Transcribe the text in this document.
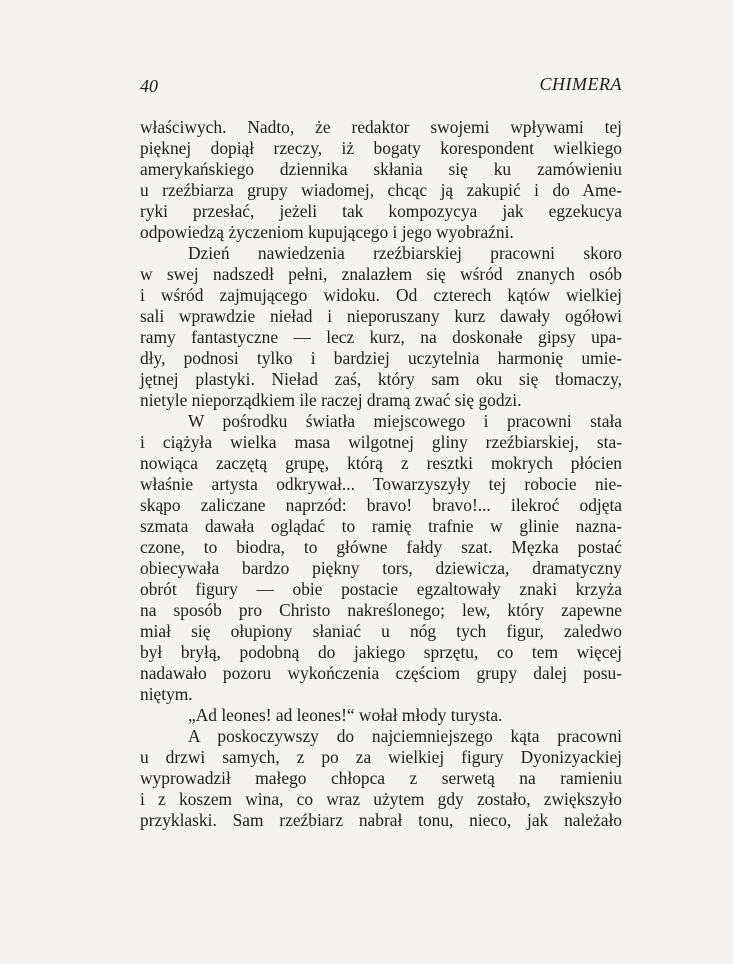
40	CHIMERA
właściwych. Nadto, że redaktor swojemi wpływami tej
pięknej dopiął rzeczy, iż bogaty korespondent wielkiego
amerykańskiego dziennika skłania się ku zamówieniu
u rzeźbiarza grupy wiadomej, chcąc ją zakupić i do Ame-
ryki przesłać, jeżeli tak kompozycya jak egzekucya
odpowiedzą życzeniom kupującego i jego wyobraźni.
Dzień nawiedzenia rzeźbiarskiej pracowni skoro
w swej nadszedł pełni, znalazłem się wśród znanych osób
i wśród zajmującego widoku. Od czterech kątów wielkiej
sali wprawdzie nieład i nieporuszany kurz dawały ogółowi
ramy fantastyczne — lecz kurz, na doskonałe gipsy upa-
dły, podnosi tylko i bardziej uczytelnia harmonię umie-
jętnej plastyki. Nieład zaś, który sam oku się tłomaczy,
nietyle nieporządkiem ile raczej dramą zwać się godzi.
W pośrodku światła miejscowego i pracowni stała
i ciążyła wielka masa wilgotnej gliny rzeźbiarskiej, sta-
nowiąca zaczętą grupę, którą z resztki mokrych płócien
właśnie artysta odkrywał... Towarzyszyły tej robocie nie-
skąpo zaliczane naprzód: bravo! bravo!... ilekroć odjęta
szmata dawała oglądać to ramię trafnie w glinie nazna-
czone, to biodra, to główne fałdy szat. Męzka postać
obiecywała bardzo piękny tors, dziewicza, dramatyczny
obrót figury — obie postacie egzaltowały znaki krzyża
na sposób pro Christo nakreślonego; lew, który zapewne
miał się ołupiony słaniać u nóg tych figur, zaledwo
był bryłą, podobną do jakiego sprzętu, co tem więcej
nadawało pozoru wykończenia częściom grupy dalej posu-
niętym.
„Ad leones! ad leones!“ wołał młody turysta.
A poskoczywszy do najciemniejszego kąta pracowni
u drzwi samych, z po za wielkiej figury Dyonizyackiej
wyprowadził małego chłopca z serwetą na ramieniu
i z koszem wina, co wraz użytem gdy zostało, zwiększyło
przyklaski. Sam rzeźbiarz nabrał tonu, nieco, jak należało
